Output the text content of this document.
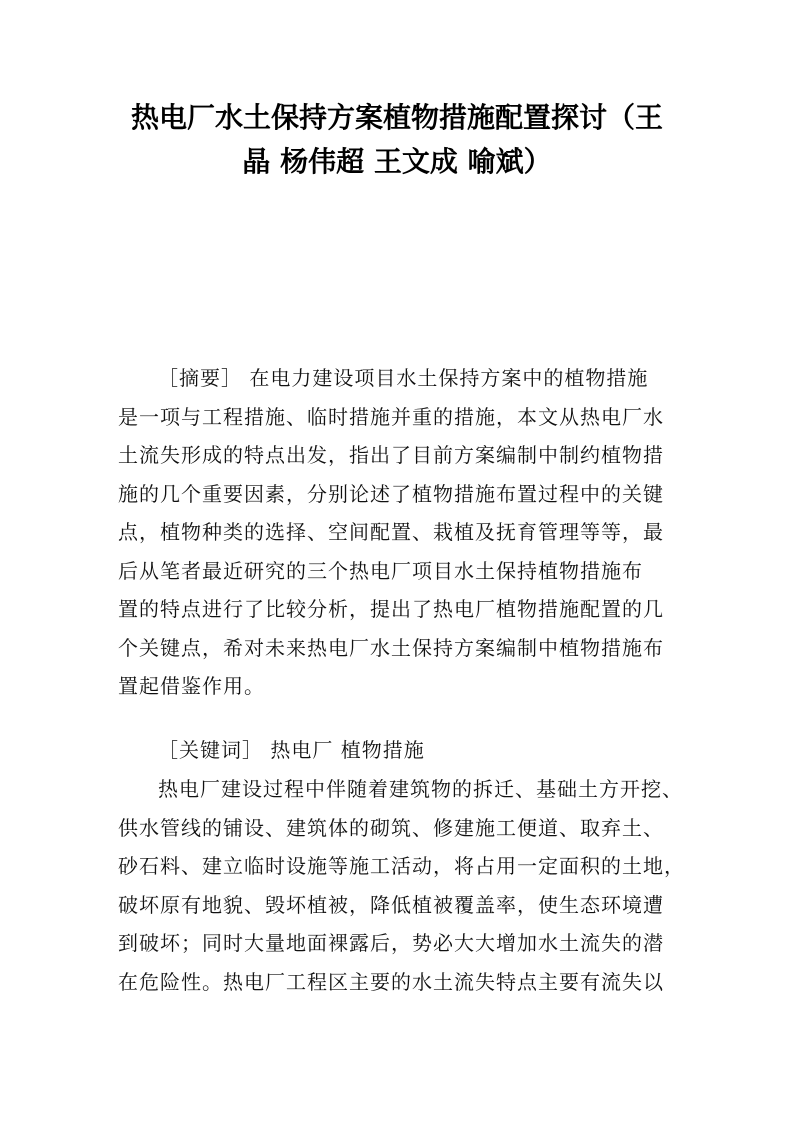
热电厂水土保持方案植物措施配置探讨（王
晶 杨伟超 王文成 喻斌）
［摘要］ 在电力建设项目水土保持方案中的植物措施
是一项与工程措施、临时措施并重的措施，本文从热电厂水
土流失形成的特点出发，指出了目前方案编制中制约植物措
施的几个重要因素，分别论述了植物措施布置过程中的关键
点，植物种类的选择、空间配置、栽植及抚育管理等等，最
后从笔者最近研究的三个热电厂项目水土保持植物措施布
置的特点进行了比较分析，提出了热电厂植物措施配置的几
个关键点，希对未来热电厂水土保持方案编制中植物措施布
置起借鉴作用。
［关键词］ 热电厂 植物措施
热电厂建设过程中伴随着建筑物的拆迁、基础土方开挖、
供水管线的铺设、建筑体的砌筑、修建施工便道、取弃土、
砂石料、建立临时设施等施工活动，将占用一定面积的土地，
破坏原有地貌、毁坏植被，降低植被覆盖率，使生态环境遭
到破坏；同时大量地面裸露后，势必大大增加水土流失的潜
在危险性。热电厂工程区主要的水土流失特点主要有流失以
